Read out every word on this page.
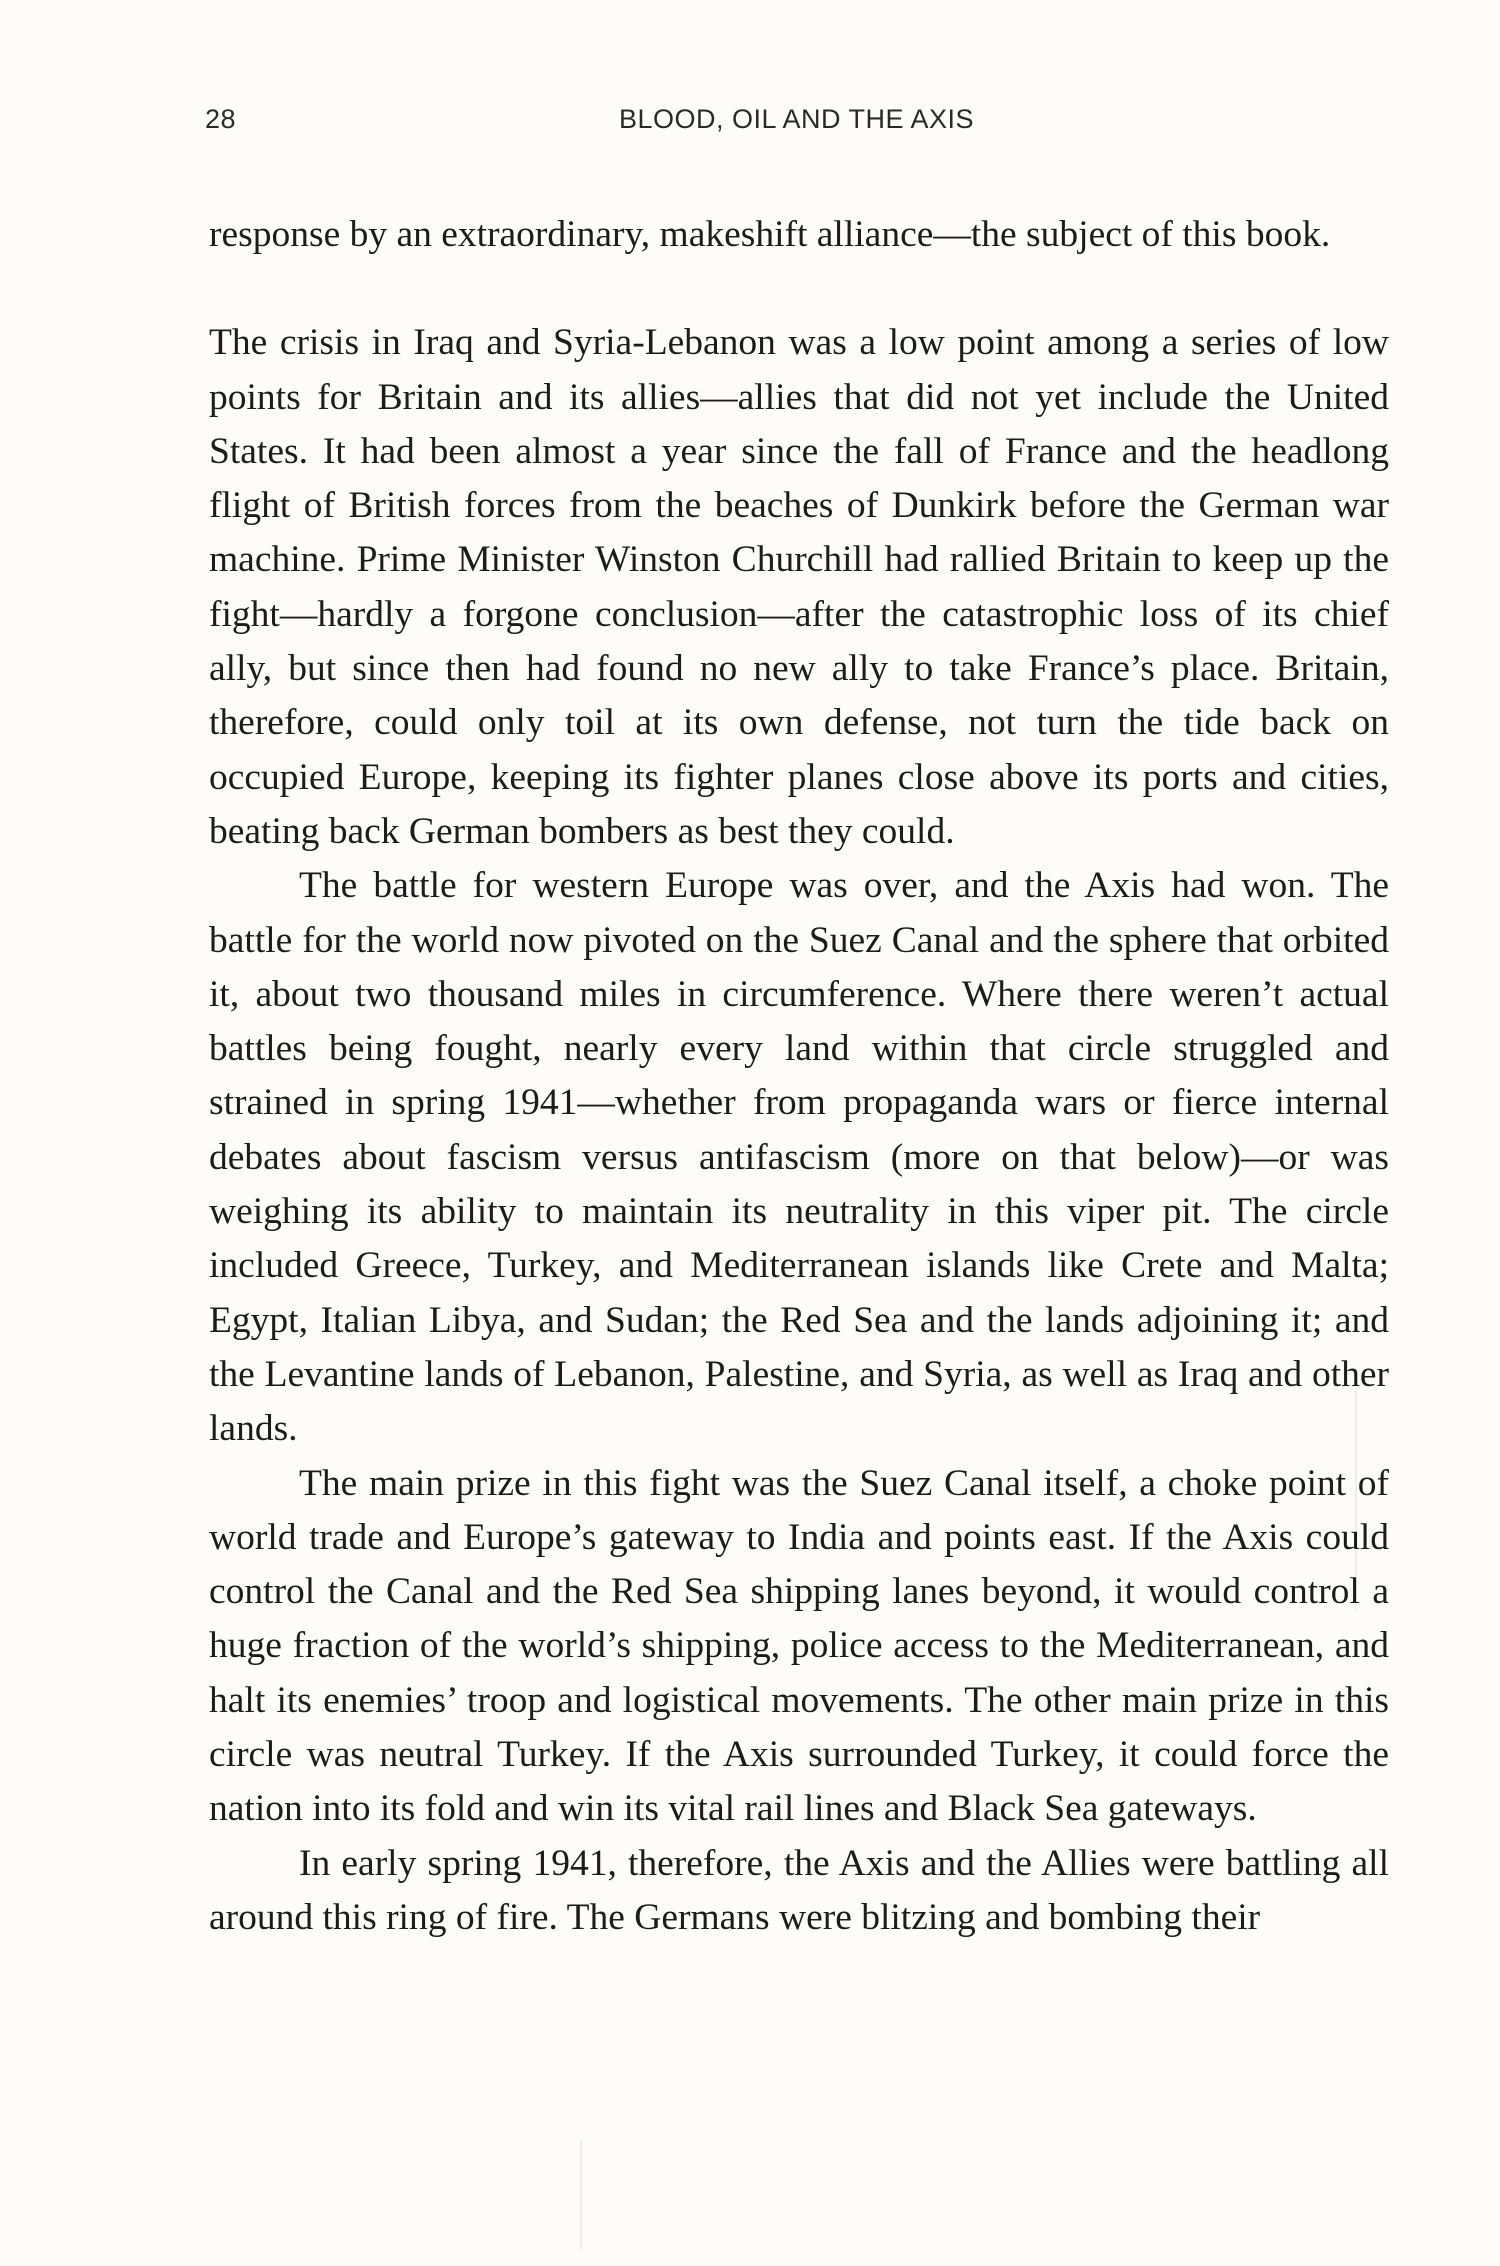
28	BLOOD, OIL AND THE AXIS

response by an extraordinary, makeshift alliance—the subject of this book.

The crisis in Iraq and Syria-Lebanon was a low point among a series of low points for Britain and its allies—allies that did not yet include the United States. It had been almost a year since the fall of France and the headlong flight of British forces from the beaches of Dunkirk before the German war machine. Prime Minister Winston Churchill had rallied Britain to keep up the fight—hardly a forgone conclusion—after the catastrophic loss of its chief ally, but since then had found no new ally to take France’s place. Britain, therefore, could only toil at its own defense, not turn the tide back on occupied Europe, keeping its fighter planes close above its ports and cities, beating back German bombers as best they could.

The battle for western Europe was over, and the Axis had won. The battle for the world now pivoted on the Suez Canal and the sphere that orbited it, about two thousand miles in circumference. Where there weren’t actual battles being fought, nearly every land within that circle struggled and strained in spring 1941—whether from propaganda wars or fierce internal debates about fascism versus antifascism (more on that below)—or was weighing its ability to maintain its neutrality in this viper pit. The circle included Greece, Turkey, and Mediterranean islands like Crete and Malta; Egypt, Italian Libya, and Sudan; the Red Sea and the lands adjoining it; and the Levantine lands of Lebanon, Palestine, and Syria, as well as Iraq and other lands.

The main prize in this fight was the Suez Canal itself, a choke point of world trade and Europe’s gateway to India and points east. If the Axis could control the Canal and the Red Sea shipping lanes beyond, it would control a huge fraction of the world’s shipping, police access to the Mediterranean, and halt its enemies’ troop and logistical movements. The other main prize in this circle was neutral Turkey. If the Axis surrounded Turkey, it could force the nation into its fold and win its vital rail lines and Black Sea gateways.

In early spring 1941, therefore, the Axis and the Allies were battling all around this ring of fire. The Germans were blitzing and bombing their
